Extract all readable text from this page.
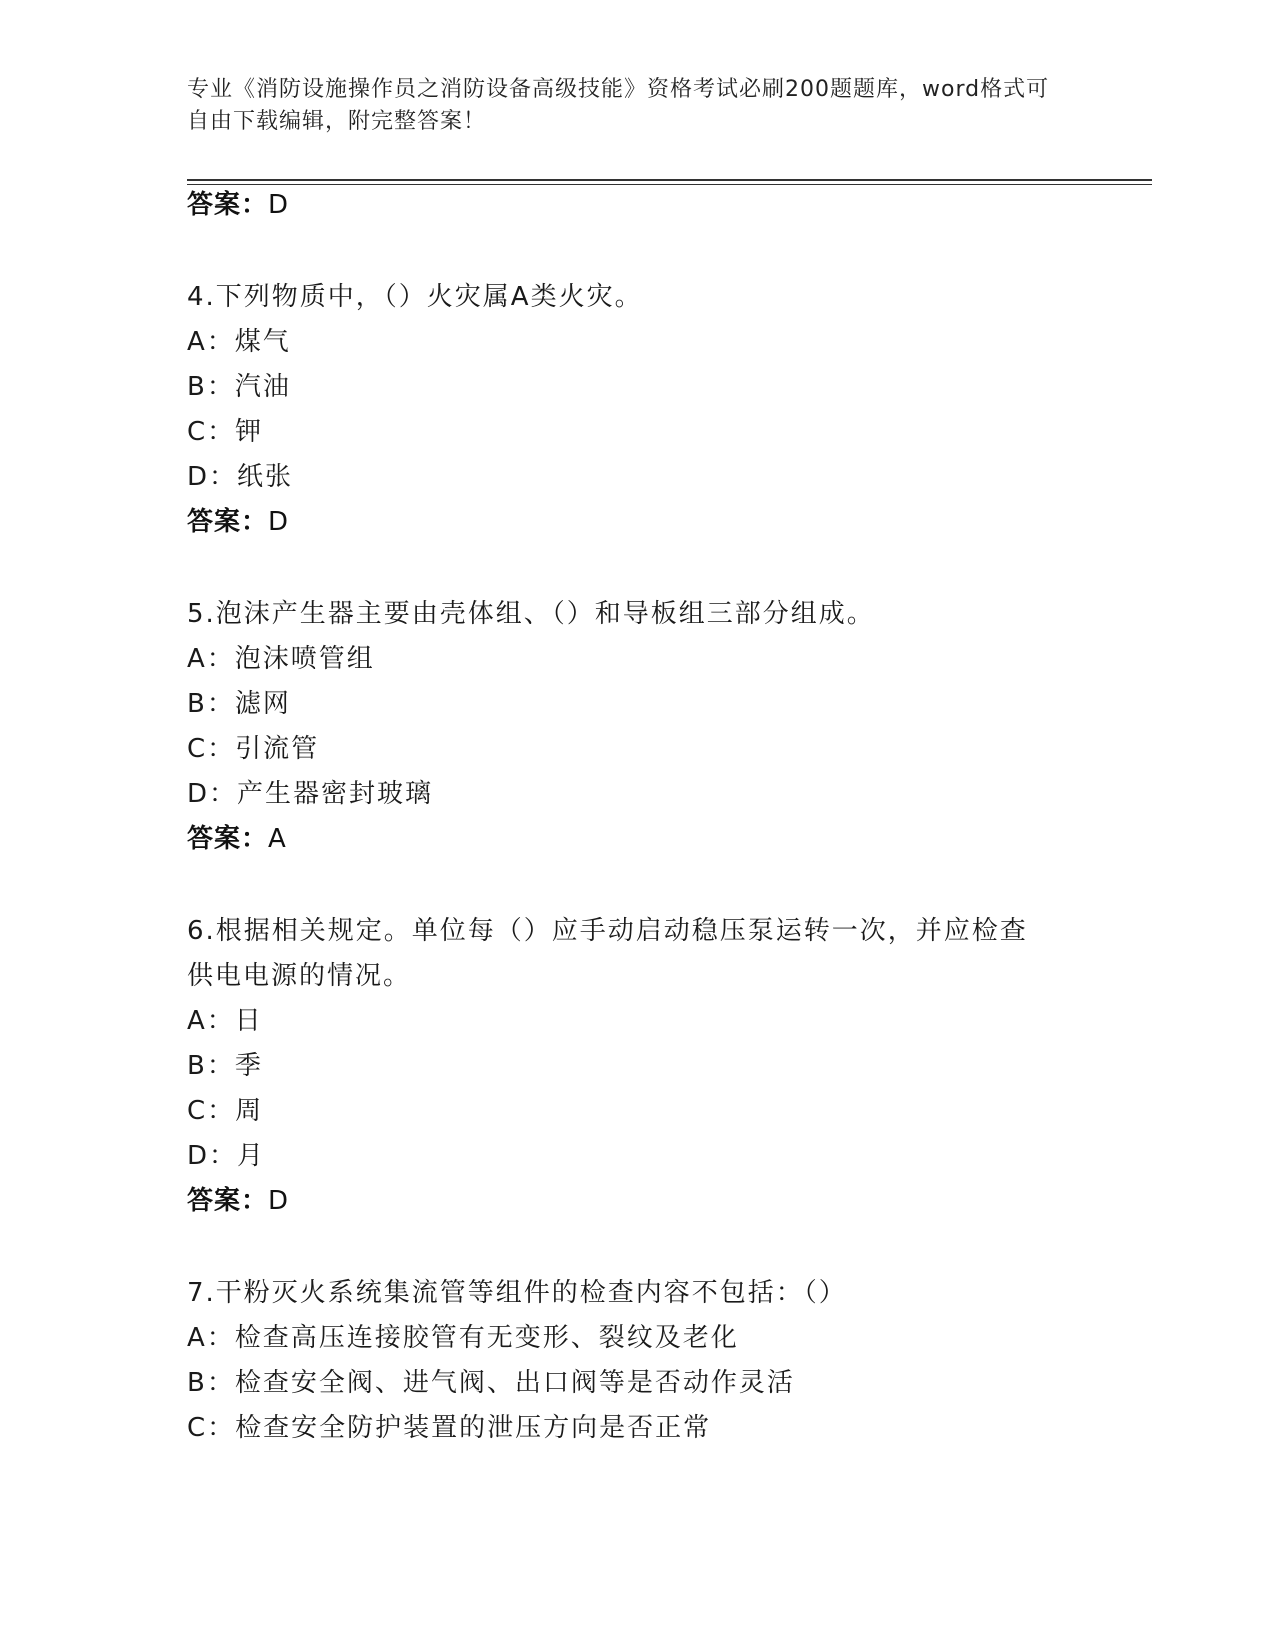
专业《消防设施操作员之消防设备高级技能》资格考试必刷200题题库，word格式可自由下载编辑，附完整答案！
答案：D
4.下列物质中，（）火灾属A类火灾。
A：煤气
B：汽油
C：钾
D：纸张
答案：D
5.泡沫产生器主要由壳体组、（）和导板组三部分组成。
A：泡沫喷管组
B：滤网
C：引流管
D：产生器密封玻璃
答案：A
6.根据相关规定。单位每（）应手动启动稳压泵运转一次，并应检查
供电电源的情况。
A：日
B：季
C：周
D：月
答案：D
7.干粉灭火系统集流管等组件的检查内容不包括：（）
A：检查高压连接胶管有无变形、裂纹及老化
B：检查安全阀、进气阀、出口阀等是否动作灵活
C：检查安全防护装置的泄压方向是否正常
